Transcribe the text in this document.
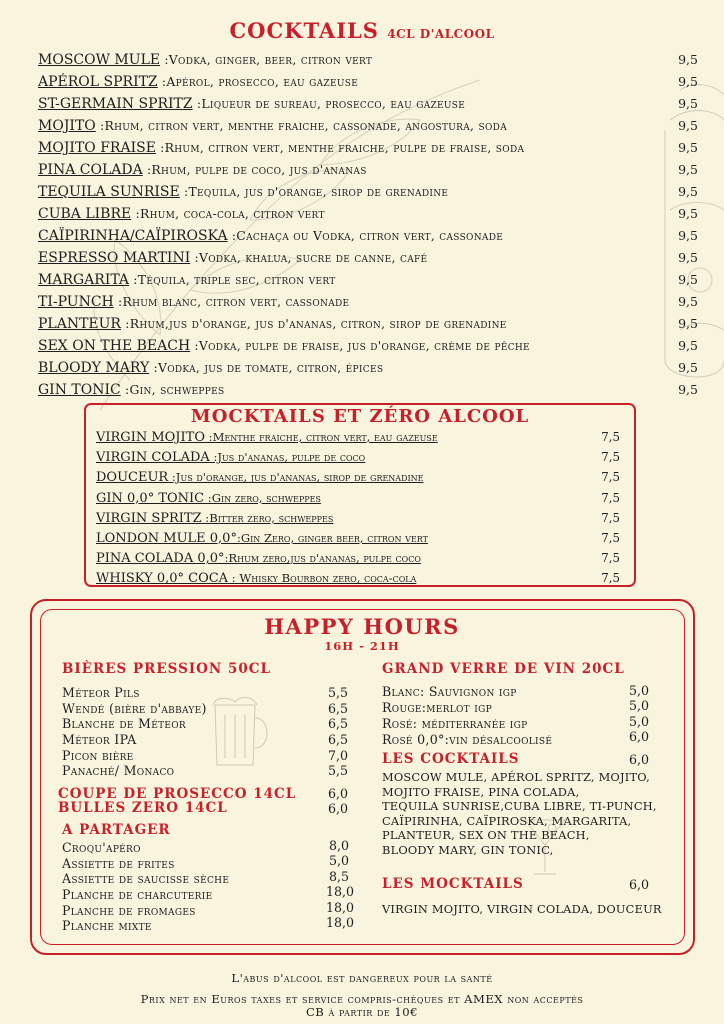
COCKTAILS 4CL D'ALCOOL
MOSCOW MULE :Vodka, ginger, beer, citron vert	9,5
APÉROL SPRITZ :Apérol, prosecco, eau gazeuse	9,5
ST-GERMAIN SPRITZ :Liqueur de sureau, prosecco, eau gazeuse	9,5
MOJITO :Rhum, citron vert, menthe fraiche, cassonade, angostura, soda	9,5
MOJITO FRAISE :Rhum, citron vert, menthe fraiche, pulpe de fraise, soda	9,5
PINA COLADA :Rhum, pulpe de coco, jus d'ananas	9,5
TEQUILA SUNRISE :Tequila, jus d'orange, sirop de grenadine	9,5
CUBA LIBRE :Rhum, coca-cola, citron vert	9,5
CAÏPIRINHA/CAÏPIROSKA :Cachaça ou Vodka, citron vert, cassonade	9,5
ESPRESSO MARTINI :Vodka, khalua, sucre de canne, café	9,5
MARGARITA :Téquila, triple sec, citron vert	9,5
TI-PUNCH :Rhum blanc, citron vert, cassonade	9,5
PLANTEUR :Rhum,jus d'orange, jus d'ananas, citron, sirop de grenadine	9,5
SEX ON THE BEACH :Vodka, pulpe de fraise, jus d'orange, crème de pêche	9,5
BLOODY MARY :Vodka, jus de tomate, citron, épices	9,5
GIN TONIC :Gin, schweppes	9,5
MOCKTAILS ET ZÉRO ALCOOL
VIRGIN MOJITO :Menthe fraiche, citron vert, eau gazeuse	7,5
VIRGIN COLADA :Jus d'ananas, pulpe de coco	7,5
DOUCEUR :Jus d'orange, jus d'ananas, sirop de grenadine	7,5
GIN 0,0° TONIC :Gin zero, schweppes	7,5
VIRGIN SPRITZ :Bitter zero, schweppes	7,5
LONDON MULE 0,0°:Gin Zero, ginger beer, citron vert	7,5
PINA COLADA 0,0°:Rhum zero,jus d'ananas, pulpe coco	7,5
WHISKY 0,0° COCA : Whisky Bourbon zero, coca-cola	7,5
HAPPY HOURS
16H - 21H
BIÈRES PRESSION 50CL
Méteor Pils	5,5
Wendé (bière d'abbaye)	6,5
Blanche de Méteor	6,5
Méteor IPA	6,5
Picon bière	7,0
Panaché/ Monaco	5,5
COUPE DE PROSECCO 14CL	6,0
BULLES ZERO 14CL	6,0
A PARTAGER
Croqu'apéro	8,0
Assiette de frites	5,0
Assiette de saucisse sèche	8,5
Planche de charcuterie	18,0
Planche de fromages	18,0
Planche mixte	18,0
GRAND VERRE DE VIN 20CL
Blanc: Sauvignon igp	5,0
Rouge:merlot igp	5,0
Rosé: méditerranée igp	5,0
Rosé 0,0°:vin désalcoolisé	6,0
LES COCKTAILS	6,0
MOSCOW MULE, APÉROL SPRITZ, MOJITO,
MOJITO FRAISE, PINA COLADA,
TEQUILA SUNRISE,CUBA LIBRE, TI-PUNCH,
CAÏPIRINHA, CAÏPIROSKA, MARGARITA,
PLANTEUR, SEX ON THE BEACH,
BLOODY MARY, GIN TONIC,
LES MOCKTAILS	6,0
VIRGIN MOJITO, VIRGIN COLADA, DOUCEUR
L'abus d'alcool est dangereux pour la santé
Prix net en Euros taxes et service compris-chèques et AMEX non acceptés
CB à partir de 10€
